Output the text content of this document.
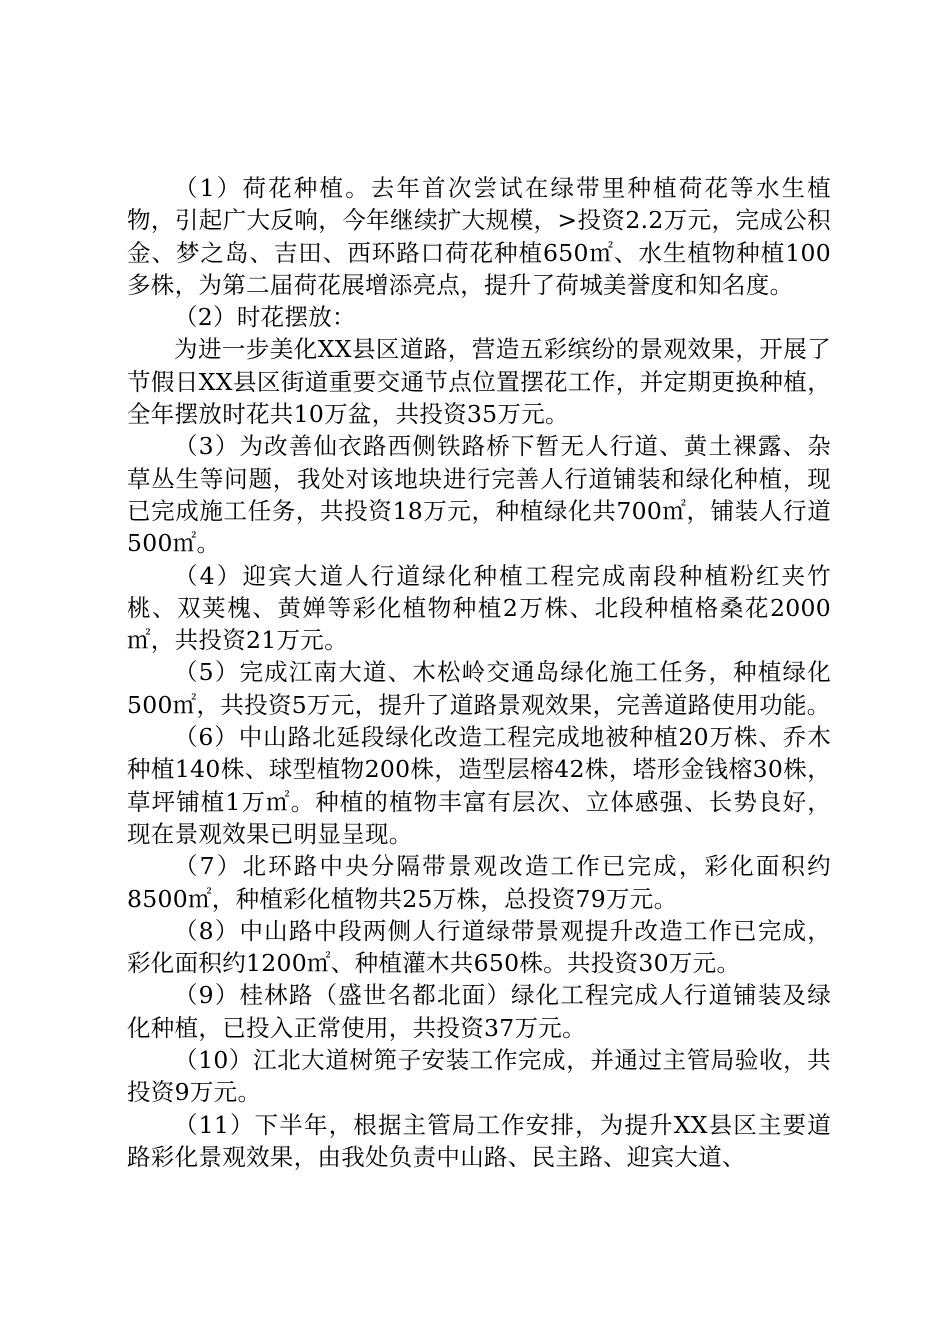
（1）荷花种植。去年首次尝试在绿带里种植荷花等水生植物，引起广大反响，今年继续扩大规模，>投资2.2万元，完成公积金、梦之岛、吉田、西环路口荷花种植650㎡、水生植物种植100多株，为第二届荷花展增添亮点，提升了荷城美誉度和知名度。

（2）时花摆放：

为进一步美化XX县区道路，营造五彩缤纷的景观效果，开展了节假日XX县区街道重要交通节点位置摆花工作，并定期更换种植，全年摆放时花共10万盆，共投资35万元。

（3）为改善仙衣路西侧铁路桥下暂无人行道、黄土裸露、杂草丛生等问题，我处对该地块进行完善人行道铺装和绿化种植，现已完成施工任务，共投资18万元，种植绿化共700㎡，铺装人行道500㎡。

（4）迎宾大道人行道绿化种植工程完成南段种植粉红夹竹桃、双荚槐、黄婵等彩化植物种植2万株、北段种植格桑花2000㎡，共投资21万元。

（5）完成江南大道、木松岭交通岛绿化施工任务，种植绿化500㎡，共投资5万元，提升了道路景观效果，完善道路使用功能。

（6）中山路北延段绿化改造工程完成地被种植20万株、乔木种植140株、球型植物200株，造型层榕42株，塔形金钱榕30株，草坪铺植1万㎡。种植的植物丰富有层次、立体感强、长势良好，现在景观效果已明显呈现。

（7）北环路中央分隔带景观改造工作已完成，彩化面积约8500㎡，种植彩化植物共25万株，总投资79万元。

（8）中山路中段两侧人行道绿带景观提升改造工作已完成，彩化面积约1200㎡、种植灌木共650株。共投资30万元。

（9）桂林路（盛世名都北面）绿化工程完成人行道铺装及绿化种植，已投入正常使用，共投资37万元。

（10）江北大道树篼子安装工作完成，并通过主管局验收，共投资9万元。

（11）下半年，根据主管局工作安排，为提升XX县区主要道路彩化景观效果，由我处负责中山路、民主路、迎宾大道、
